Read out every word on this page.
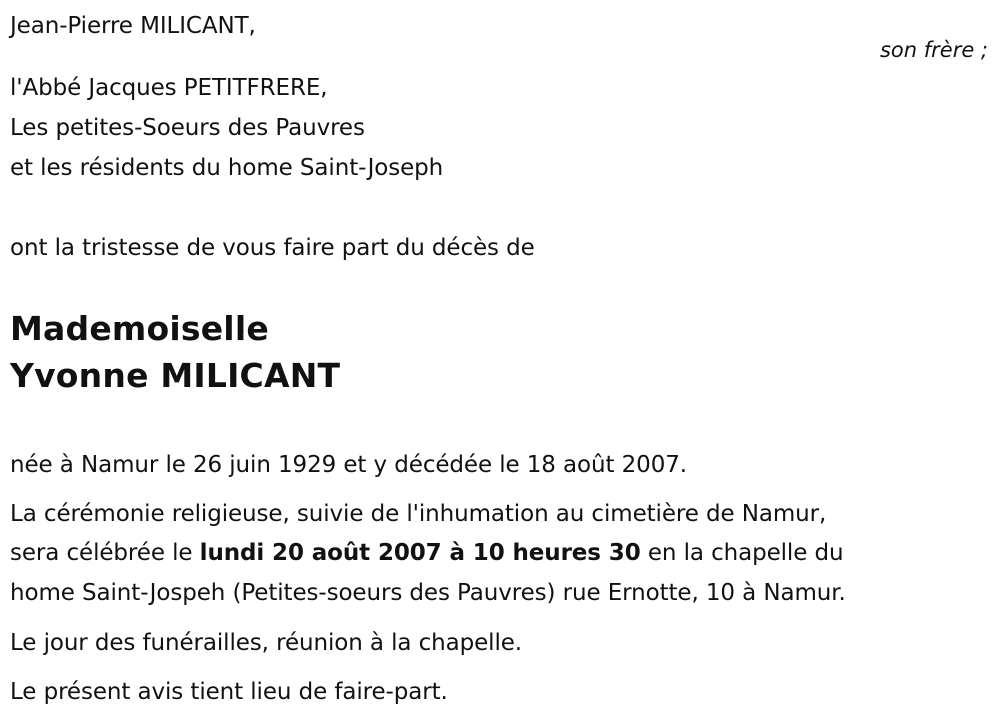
Jean-Pierre MILICANT,
son frère ;
l'Abbé Jacques PETITFRERE,
Les petites-Soeurs des Pauvres
et les résidents du home Saint-Joseph
ont la tristesse de vous faire part du décès de
Mademoiselle
Yvonne MILICANT
née à Namur le 26 juin 1929 et y décédée le 18 août 2007.
La cérémonie religieuse, suivie de l'inhumation au cimetière de Namur,
sera célébrée le lundi 20 août 2007 à 10 heures 30 en la chapelle du
home Saint-Jospeh (Petites-soeurs des Pauvres) rue Ernotte, 10 à Namur.
Le jour des funérailles, réunion à la chapelle.
Le présent avis tient lieu de faire-part.
